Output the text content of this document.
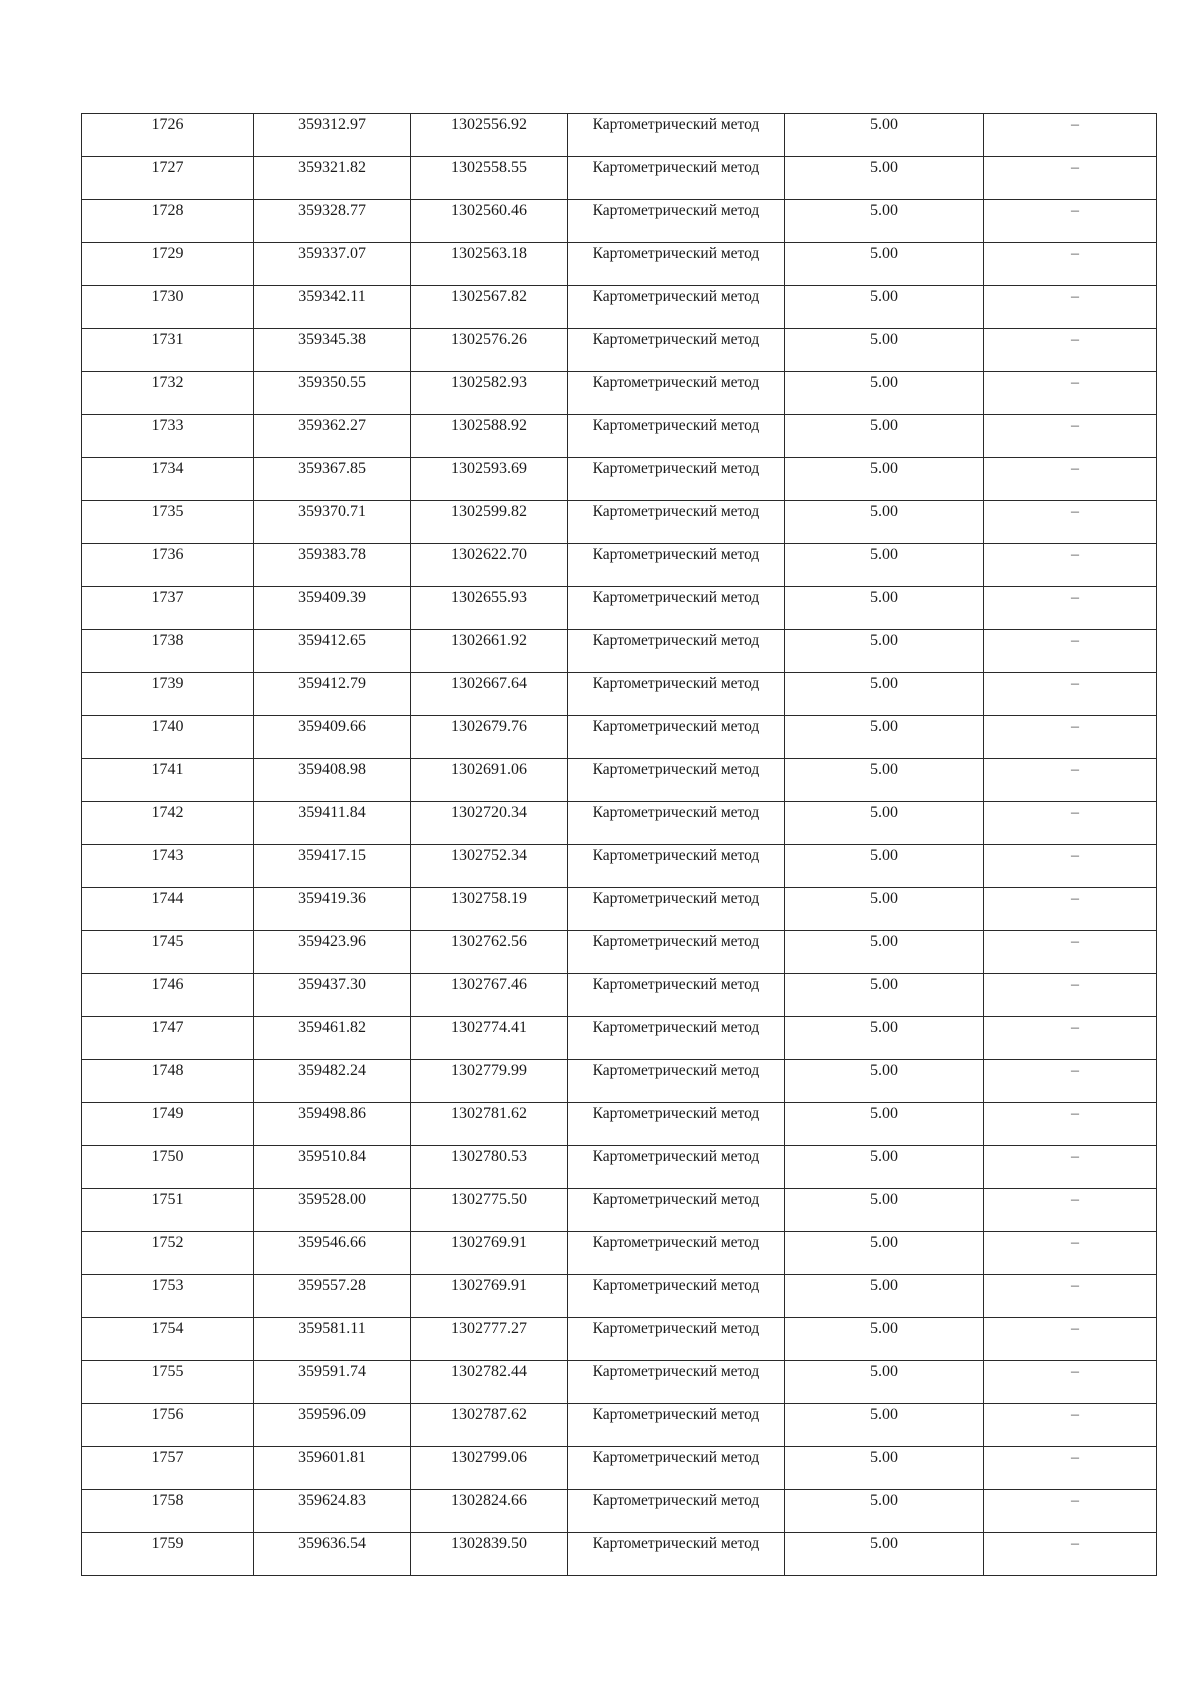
1726	359312.97	1302556.92	Картометрический метод	5.00	–

1727	359321.82	1302558.55	Картометрический метод	5.00	–

1728	359328.77	1302560.46	Картометрический метод	5.00	–

1729	359337.07	1302563.18	Картометрический метод	5.00	–

1730	359342.11	1302567.82	Картометрический метод	5.00	–

1731	359345.38	1302576.26	Картометрический метод	5.00	–

1732	359350.55	1302582.93	Картометрический метод	5.00	–

1733	359362.27	1302588.92	Картометрический метод	5.00	–

1734	359367.85	1302593.69	Картометрический метод	5.00	–

1735	359370.71	1302599.82	Картометрический метод	5.00	–

1736	359383.78	1302622.70	Картометрический метод	5.00	–

1737	359409.39	1302655.93	Картометрический метод	5.00	–

1738	359412.65	1302661.92	Картометрический метод	5.00	–

1739	359412.79	1302667.64	Картометрический метод	5.00	–

1740	359409.66	1302679.76	Картометрический метод	5.00	–

1741	359408.98	1302691.06	Картометрический метод	5.00	–

1742	359411.84	1302720.34	Картометрический метод	5.00	–

1743	359417.15	1302752.34	Картометрический метод	5.00	–

1744	359419.36	1302758.19	Картометрический метод	5.00	–

1745	359423.96	1302762.56	Картометрический метод	5.00	–

1746	359437.30	1302767.46	Картометрический метод	5.00	–

1747	359461.82	1302774.41	Картометрический метод	5.00	–

1748	359482.24	1302779.99	Картометрический метод	5.00	–

1749	359498.86	1302781.62	Картометрический метод	5.00	–

1750	359510.84	1302780.53	Картометрический метод	5.00	–

1751	359528.00	1302775.50	Картометрический метод	5.00	–

1752	359546.66	1302769.91	Картометрический метод	5.00	–

1753	359557.28	1302769.91	Картометрический метод	5.00	–

1754	359581.11	1302777.27	Картометрический метод	5.00	–

1755	359591.74	1302782.44	Картометрический метод	5.00	–

1756	359596.09	1302787.62	Картометрический метод	5.00	–

1757	359601.81	1302799.06	Картометрический метод	5.00	–

1758	359624.83	1302824.66	Картометрический метод	5.00	–

1759	359636.54	1302839.50	Картометрический метод	5.00	–
